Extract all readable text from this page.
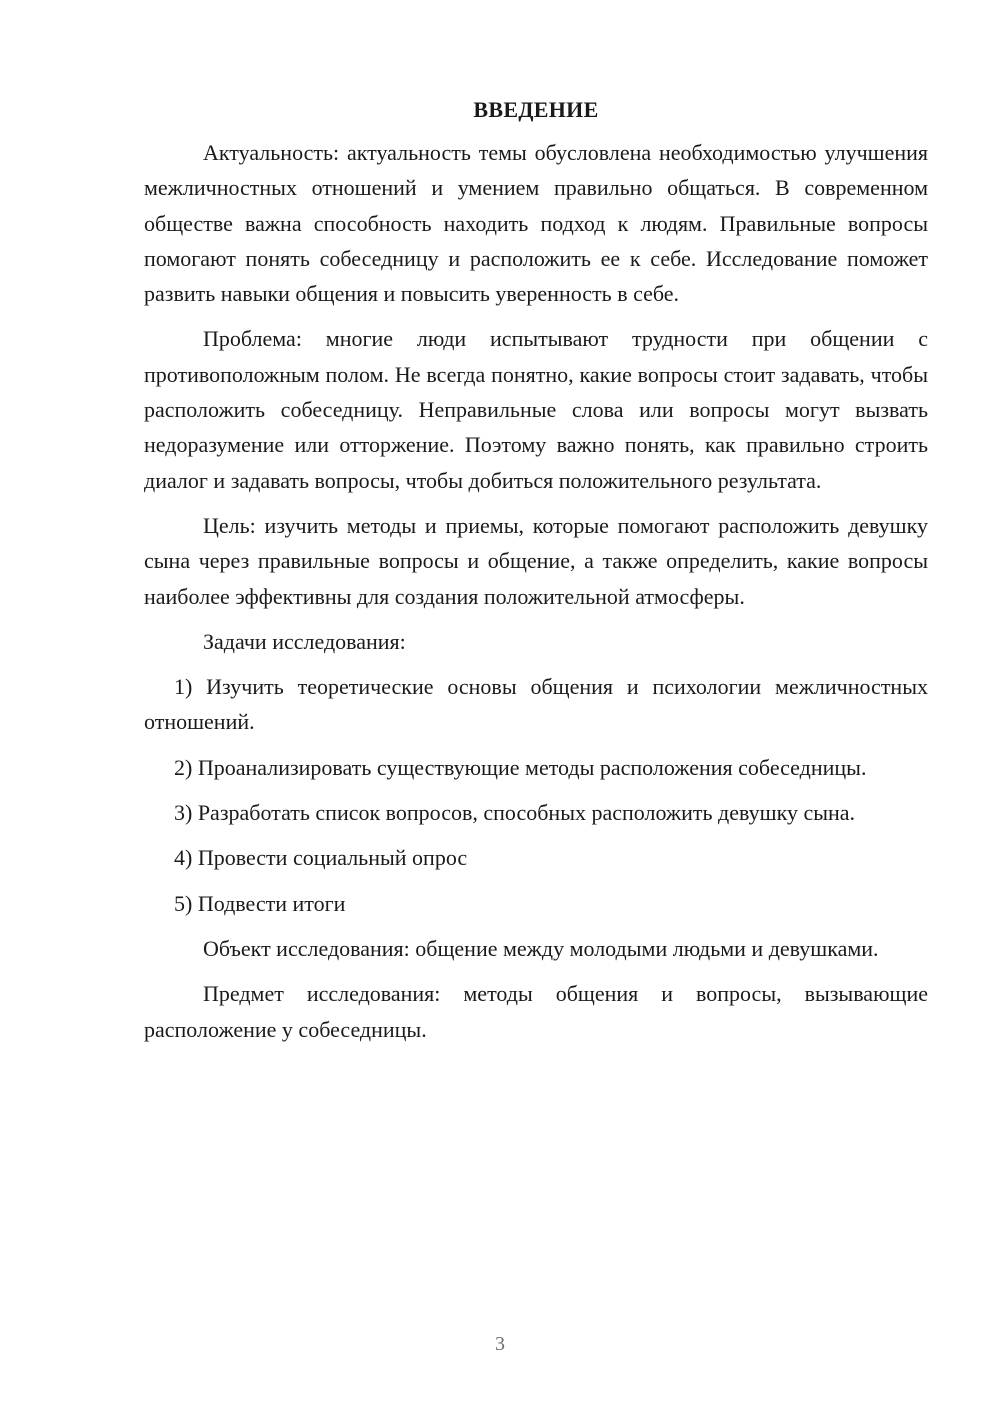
ВВЕДЕНИЕ

Актуальность: актуальность темы обусловлена необходимостью улучшения межличностных отношений и умением правильно общаться. В современном обществе важна способность находить подход к людям. Правильные вопросы помогают понять собеседницу и расположить ее к себе. Исследование поможет развить навыки общения и повысить уверенность в себе.

Проблема: многие люди испытывают трудности при общении с противоположным полом. Не всегда понятно, какие вопросы стоит задавать, чтобы расположить собеседницу. Неправильные слова или вопросы могут вызвать недоразумение или отторжение. Поэтому важно понять, как правильно строить диалог и задавать вопросы, чтобы добиться положительного результата.

Цель: изучить методы и приемы, которые помогают расположить девушку сына через правильные вопросы и общение, а также определить, какие вопросы наиболее эффективны для создания положительной атмосферы.

Задачи исследования:

1) Изучить теоретические основы общения и психологии межличностных отношений.

2) Проанализировать существующие методы расположения собеседницы.

3) Разработать список вопросов, способных расположить девушку сына.

4) Провести социальный опрос

5) Подвести итоги

Объект исследования: общение между молодыми людьми и девушками.

Предмет исследования: методы общения и вопросы, вызывающие расположение у собеседницы.

3
